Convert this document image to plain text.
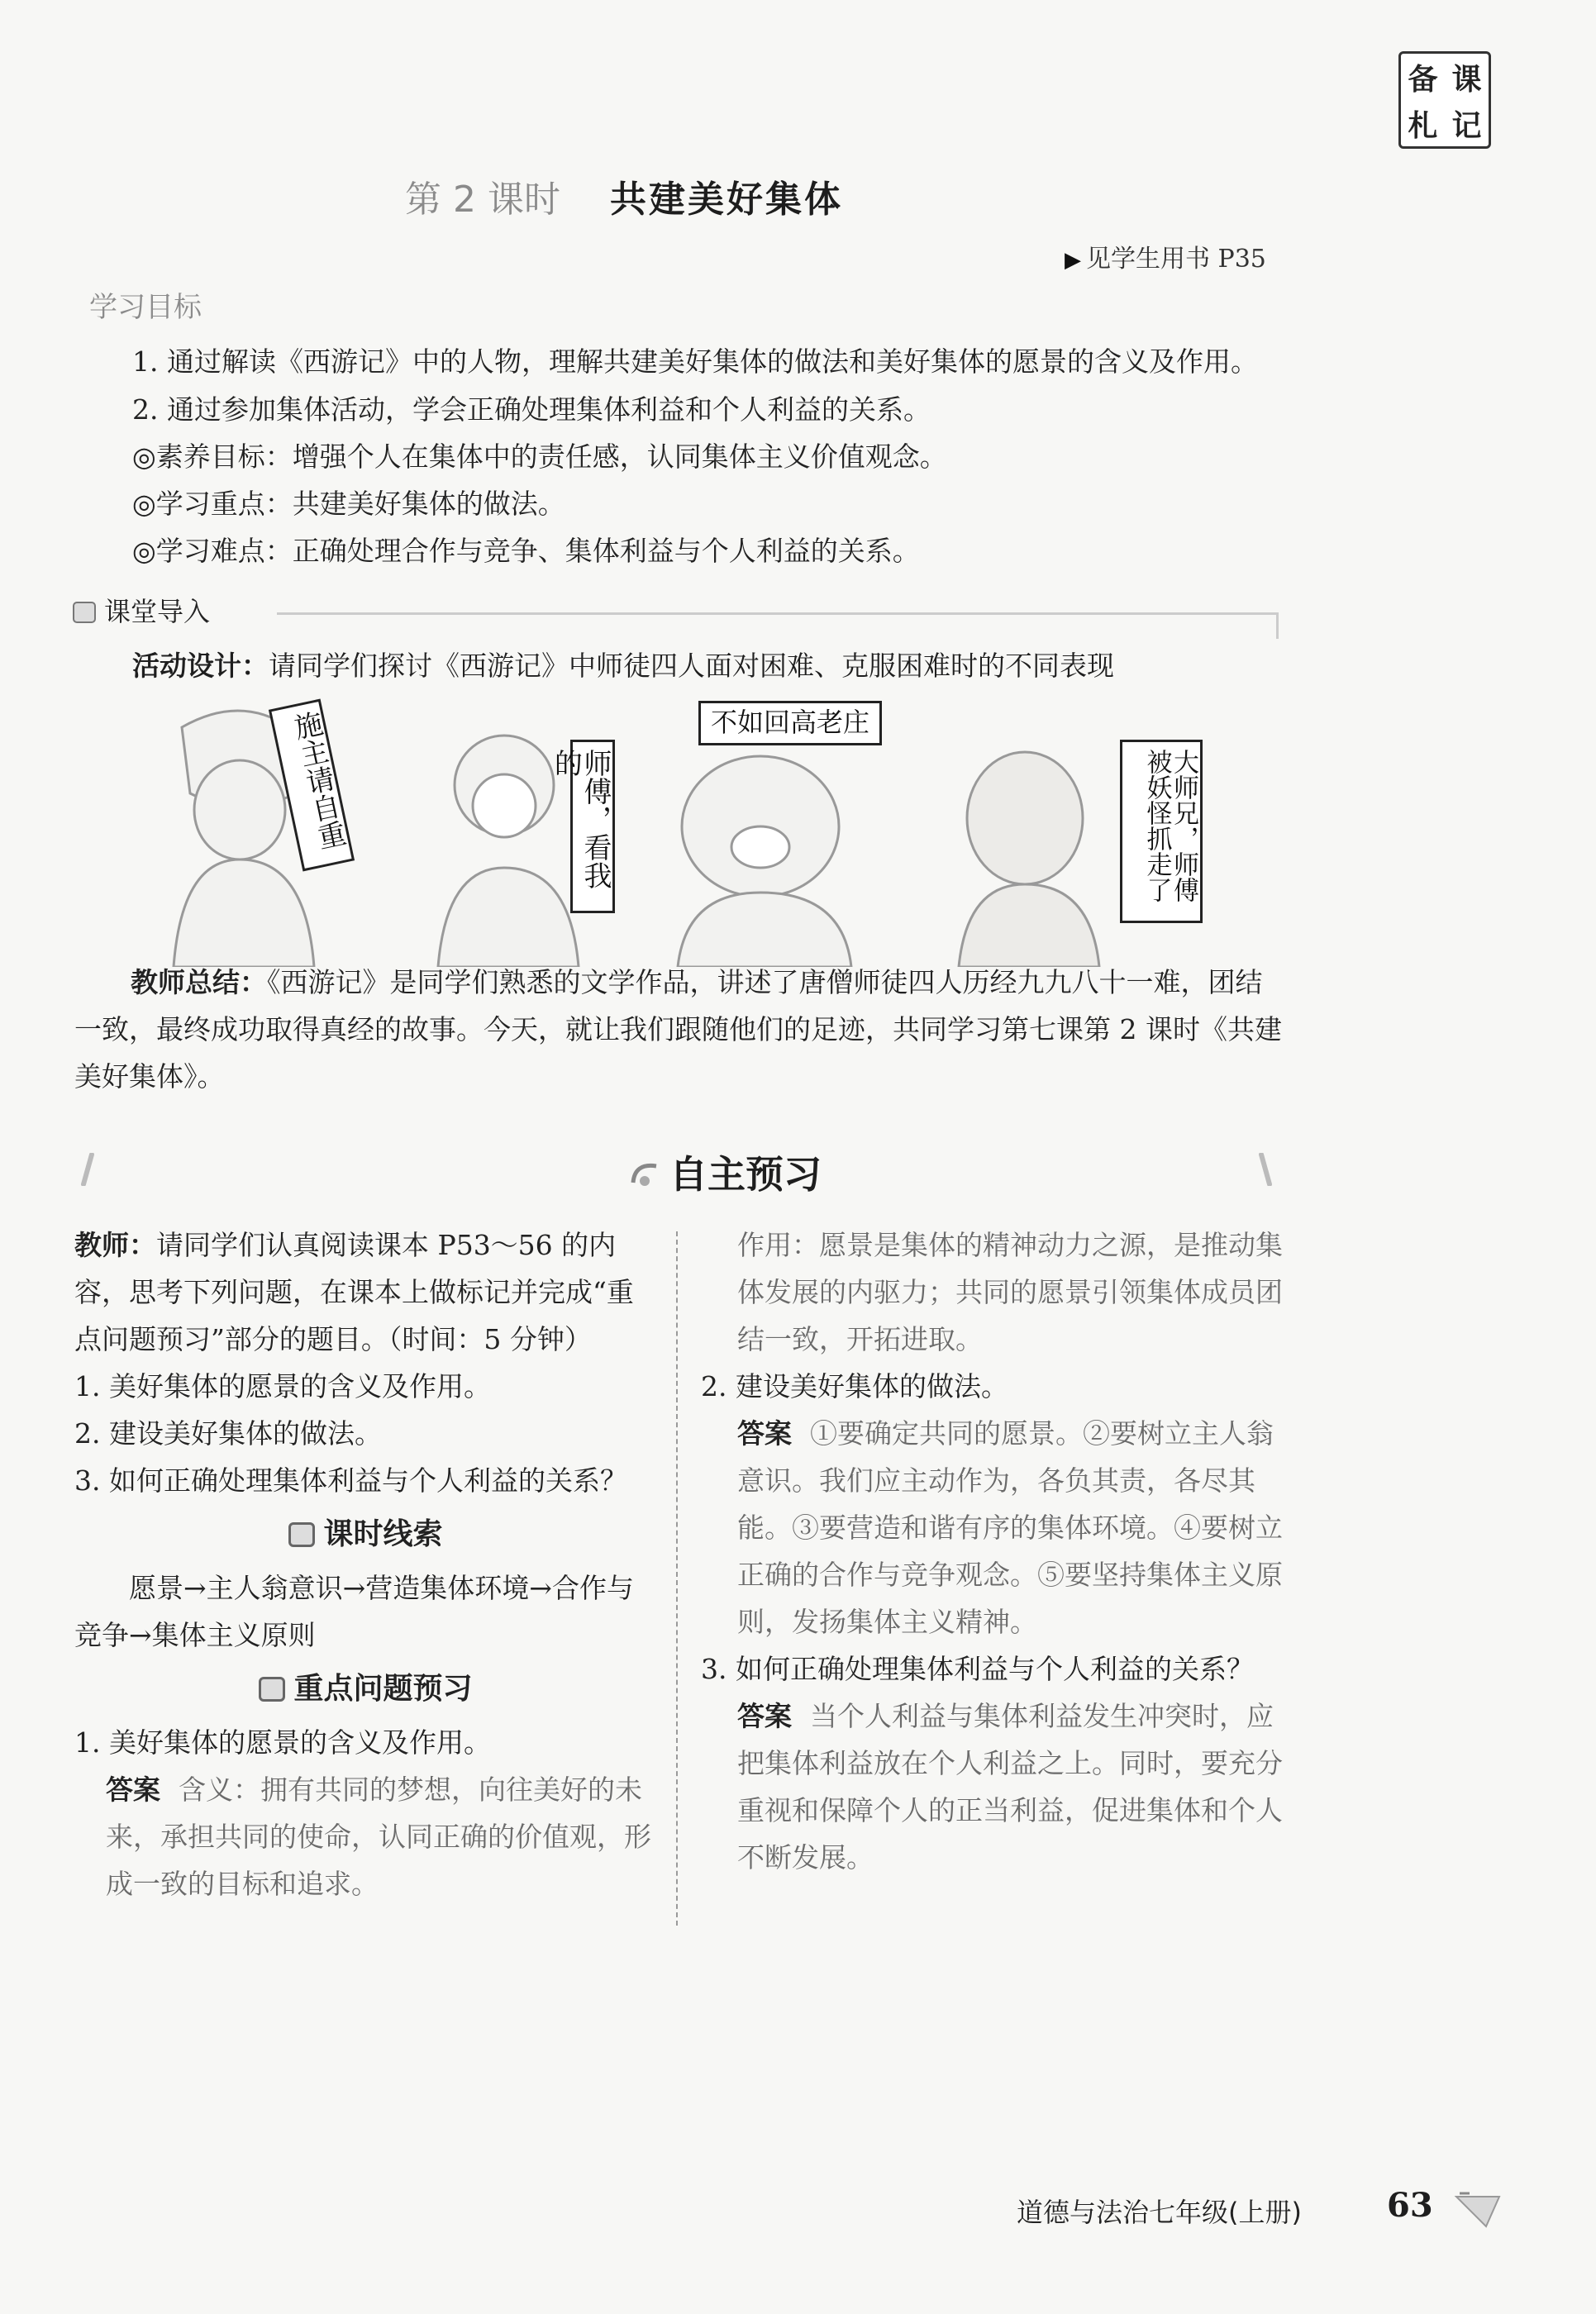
备 课
札 记
第 2 课时 共建美好集体
▶ 见学生用书 P35
学习目标
1. 通过解读《西游记》中的人物，理解共建美好集体的做法和美好集体的愿景的含义及作用。
2. 通过参加集体活动，学会正确处理集体利益和个人利益的关系。
◎素养目标：增强个人在集体中的责任感，认同集体主义价值观念。
◎学习重点：共建美好集体的做法。
◎学习难点：正确处理合作与竞争、集体利益与个人利益的关系。
课堂导入
活动设计：请同学们探讨《西游记》中师徒四人面对困难、克服困难时的不同表现
施主请自重	师傅，看我的
不如回高老庄
大师兄，师傅被妖怪抓走了
教师总结：《西游记》是同学们熟悉的文学作品，讲述了唐僧师徒四人历经九九八十一难，团结一致，最终成功取得真经的故事。今天，就让我们跟随他们的足迹，共同学习第七课第 2 课时《共建美好集体》。
自主预习
教师：请同学们认真阅读课本 P53～56 的内容，思考下列问题，在课本上做标记并完成“重点问题预习”部分的题目。（时间：5 分钟）
1. 美好集体的愿景的含义及作用。
2. 建设美好集体的做法。
3. 如何正确处理集体利益与个人利益的关系？
课时线索
愿景→主人翁意识→营造集体环境→合作与竞争→集体主义原则
重点问题预习
1. 美好集体的愿景的含义及作用。
答案 含义：拥有共同的梦想，向往美好的未来，承担共同的使命，认同正确的价值观，形成一致的目标和追求。
作用：愿景是集体的精神动力之源，是推动集体发展的内驱力；共同的愿景引领集体成员团结一致，开拓进取。
2. 建设美好集体的做法。
答案 ①要确定共同的愿景。②要树立主人翁意识。我们应主动作为，各负其责，各尽其能。③要营造和谐有序的集体环境。④要树立正确的合作与竞争观念。⑤要坚持集体主义原则，发扬集体主义精神。
3. 如何正确处理集体利益与个人利益的关系？
答案 当个人利益与集体利益发生冲突时，应把集体利益放在个人利益之上。同时，要充分重视和保障个人的正当利益，促进集体和个人不断发展。
道德与法治七年级(上册)	63
